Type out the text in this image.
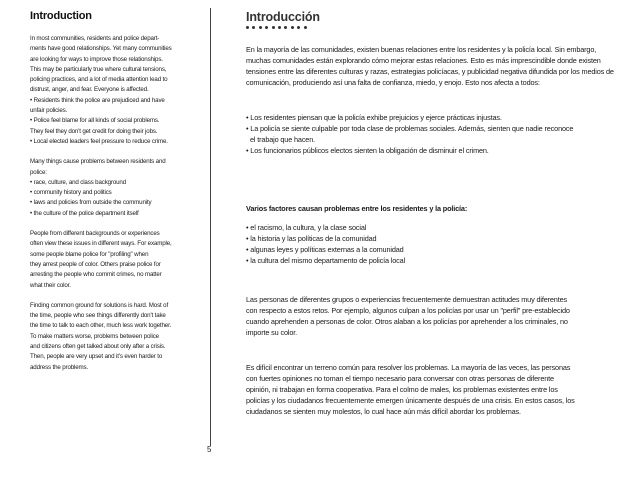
Introduction

In most communities, residents and police depart-

ments have good relationships. Yet many communities

are looking for ways to improve those relationships.

This may be particularly true where cultural tensions,

policing practices, and a lot of media attention lead to

distrust, anger, and fear. Everyone is affected.

• Residents think the police are prejudiced and have

unfair policies.

• Police feel blame for all kinds of social problems.

They feel they don't get credit for doing their jobs.

• Local elected leaders feel pressure to reduce crime.

Many things cause problems between residents and

police:

• race, culture, and class background

• community history and politics

• laws and policies from outside the community

• the culture of the police department itself

People from different backgrounds or experiences

often view these issues in different ways. For example,

some people blame police for "profiling" when

they arrest people of color. Others praise police for

arresting the people who commit crimes, no matter

what their color.

Finding common ground for solutions is hard. Most of

the time, people who see things differently don't take

the time to talk to each other, much less work together.

To make matters worse, problems between police

and citizens often get talked about only after a crisis.

Then, people are very upset and it's even harder to

address the problems.

5
Introducción

En la mayoría de las comunidades, existen buenas relaciones entre los residentes y la policía local. Sin embargo,

muchas comunidades están explorando cómo mejorar estas relaciones. Esto es más imprescindible donde existen

tensiones entre las diferentes culturas y razas, estrategias policíacas, y publicidad negativa difundida por los medios de

comunicación, produciendo así una falta de confianza, miedo, y enojo. Esto nos afecta a todos:

• Los residentes piensan que la policía exhibe prejuicios y ejerce prácticas injustas.

• La policía se siente culpable por toda clase de problemas sociales. Además, sienten que nadie reconoce

el trabajo que hacen.

• Los funcionarios públicos electos sienten la obligación de disminuir el crimen.

Varios factores causan problemas entre los residentes y la policía:

• el racismo, la cultura, y la clase social

• la historia y las políticas de la comunidad

• algunas leyes y políticas externas a la comunidad

• la cultura del mismo departamento de policía local

Las personas de diferentes grupos o experiencias frecuentemente demuestran actitudes muy diferentes

con respecto a estos retos. Por ejemplo, algunos culpan a los policías por usar un "perfil" pre-establecido

cuando aprehenden a personas de color. Otros alaban a los policías por aprehender a los criminales, no

importe su color.

Es difícil encontrar un terreno común para resolver los problemas. La mayoría de las veces, las personas

con fuertes opiniones no toman el tiempo necesario para conversar con otras personas de diferente

opinión, ni trabajan en forma cooperativa. Para el colmo de males, los problemas existentes entre los

policías y los ciudadanos frecuentemente emergen únicamente después de una crisis. En estos casos, los

ciudadanos se sienten muy molestos, lo cual hace aún más difícil abordar los problemas.
